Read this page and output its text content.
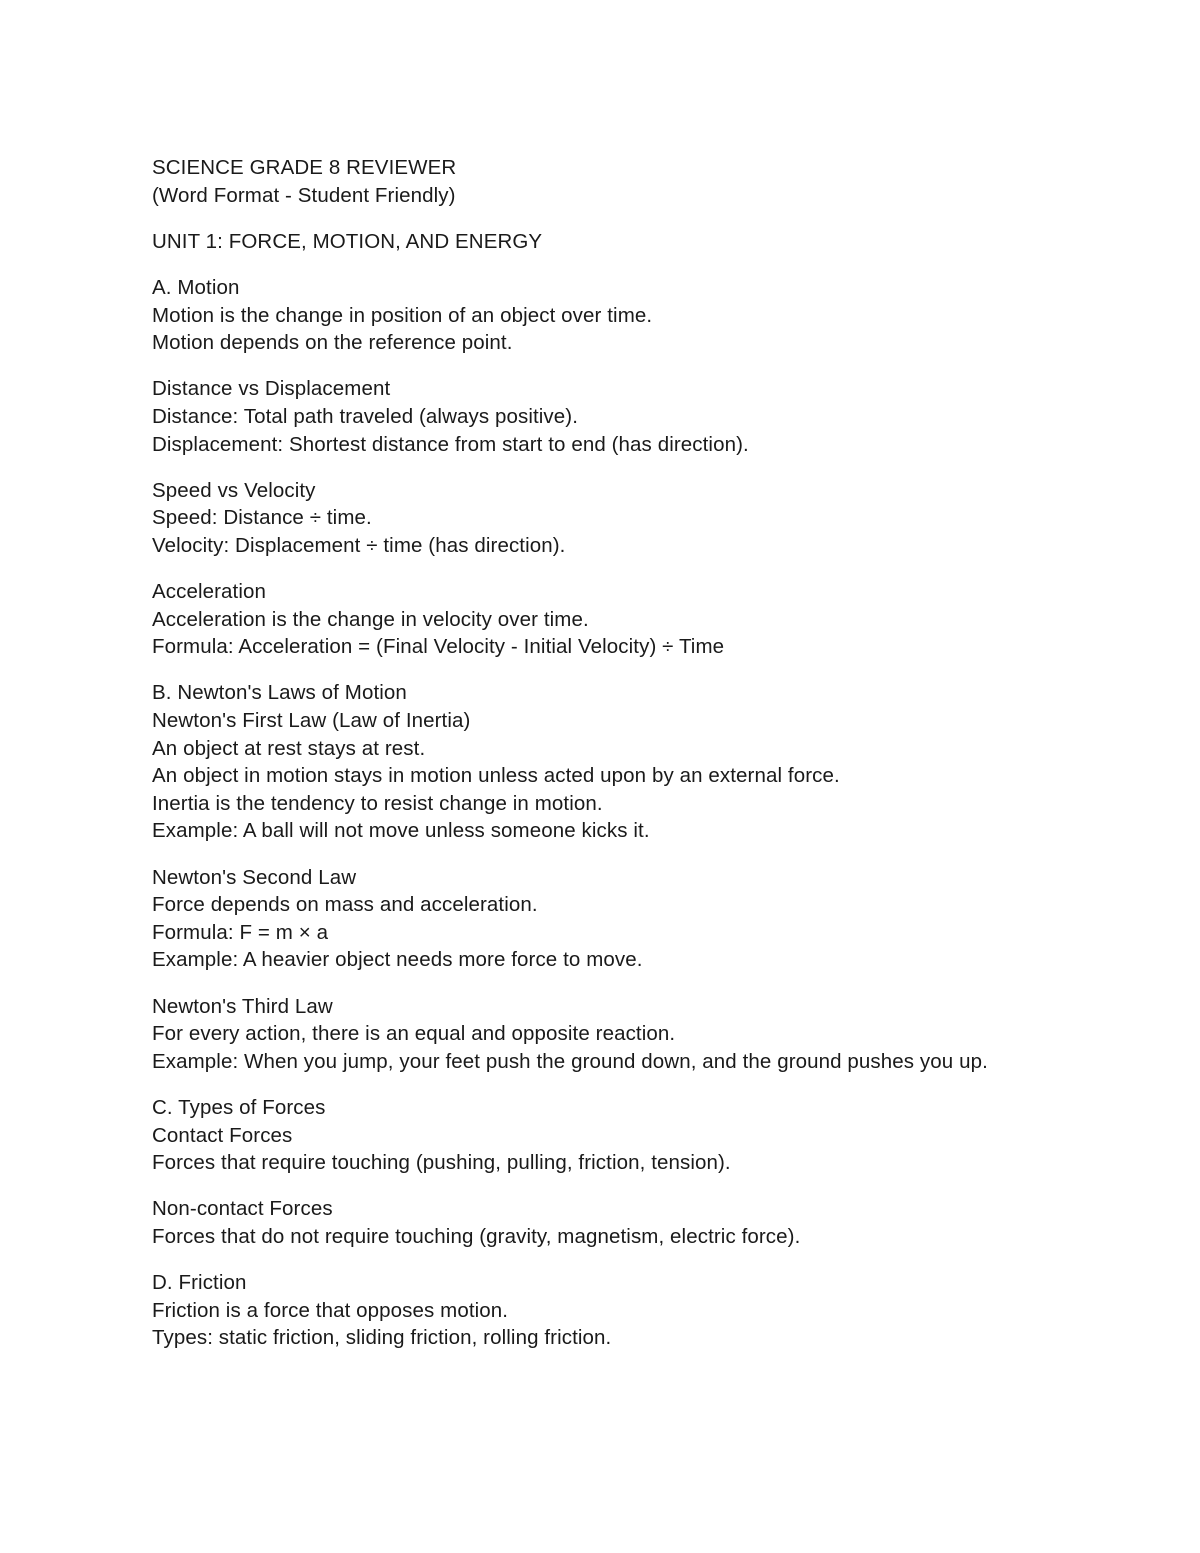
SCIENCE GRADE 8 REVIEWER
(Word Format - Student Friendly)
UNIT 1: FORCE, MOTION, AND ENERGY
A. Motion
Motion is the change in position of an object over time.
Motion depends on the reference point.
Distance vs Displacement
Distance: Total path traveled (always positive).
Displacement: Shortest distance from start to end (has direction).
Speed vs Velocity
Speed: Distance ÷ time.
Velocity: Displacement ÷ time (has direction).
Acceleration
Acceleration is the change in velocity over time.
Formula: Acceleration = (Final Velocity - Initial Velocity) ÷ Time
B. Newton's Laws of Motion
Newton's First Law (Law of Inertia)
An object at rest stays at rest.
An object in motion stays in motion unless acted upon by an external force.
Inertia is the tendency to resist change in motion.
Example: A ball will not move unless someone kicks it.
Newton's Second Law
Force depends on mass and acceleration.
Formula: F = m × a
Example: A heavier object needs more force to move.
Newton's Third Law
For every action, there is an equal and opposite reaction.
Example: When you jump, your feet push the ground down, and the ground pushes you up.
C. Types of Forces
Contact Forces
Forces that require touching (pushing, pulling, friction, tension).
Non-contact Forces
Forces that do not require touching (gravity, magnetism, electric force).
D. Friction
Friction is a force that opposes motion.
Types: static friction, sliding friction, rolling friction.
